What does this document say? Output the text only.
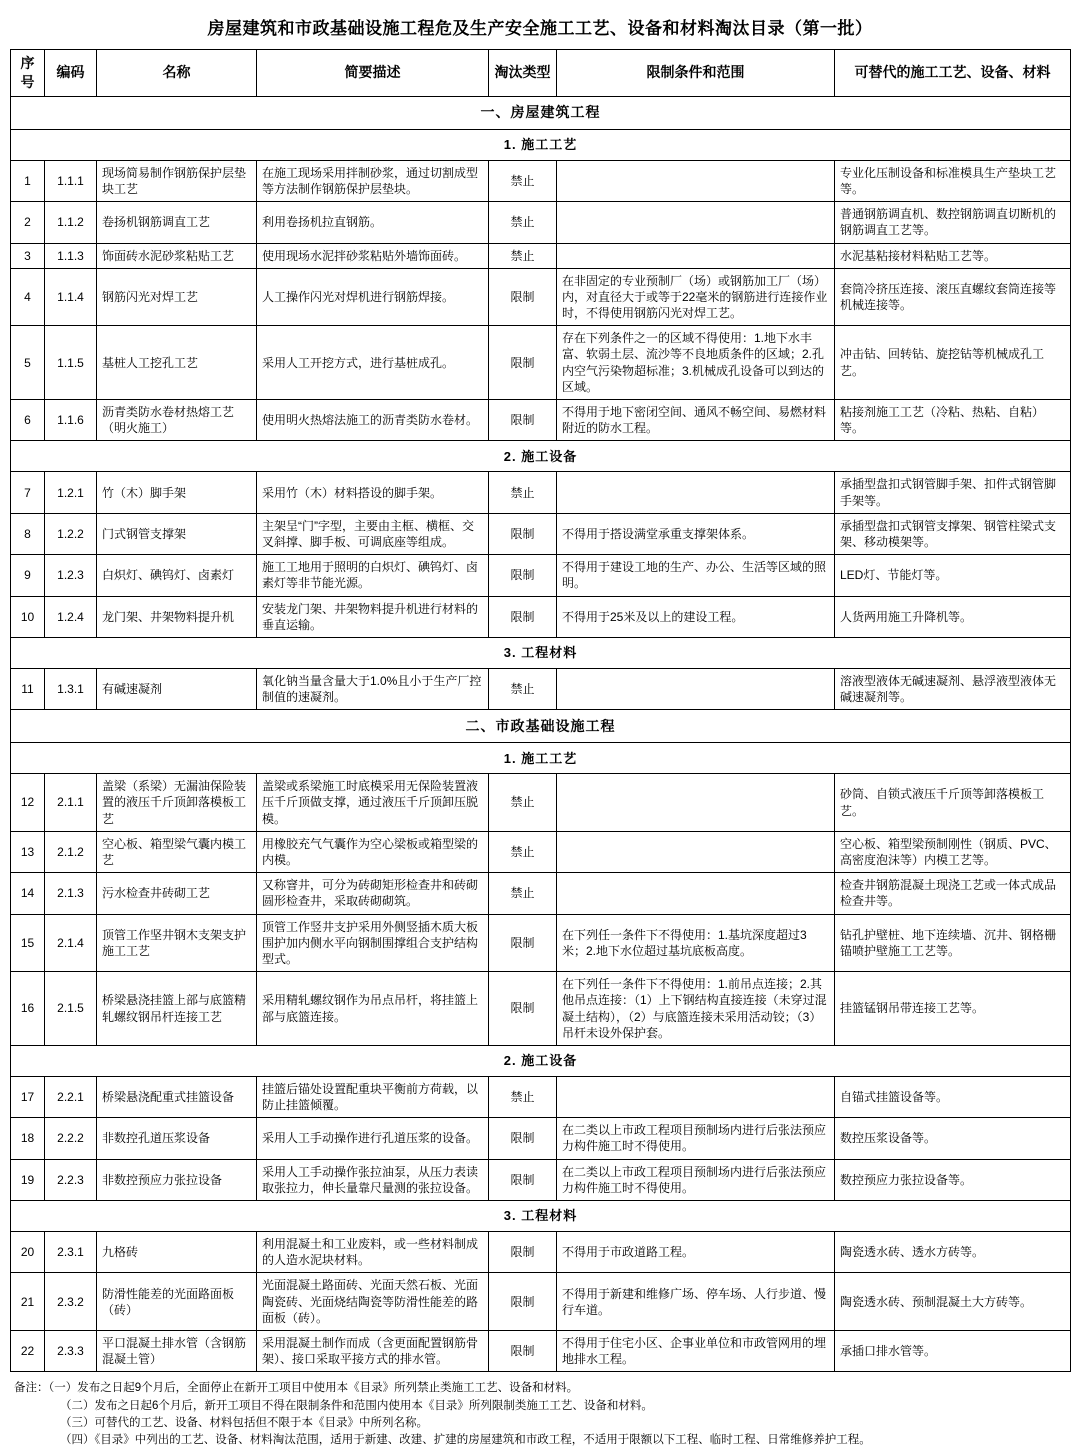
房屋建筑和市政基础设施工程危及生产安全施工工艺、设备和材料淘汰目录（第一批）
序号	编码	名称	简要描述	淘汰类型	限制条件和范围	可替代的施工工艺、设备、材料
一、房屋建筑工程						
1. 施工工艺						
1	1.1.1	现场简易制作钢筋保护层垫块工艺	在施工现场采用拌制砂浆，通过切割成型等方法制作钢筋保护层垫块。	禁止		专业化压制设备和标准模具生产垫块工艺等。
2	1.1.2	卷扬机钢筋调直工艺	利用卷扬机拉直钢筋。	禁止		普通钢筋调直机、数控钢筋调直切断机的钢筋调直工艺等。
3	1.1.3	饰面砖水泥砂浆粘贴工艺	使用现场水泥拌砂浆粘贴外墙饰面砖。	禁止		水泥基粘接材料粘贴工艺等。
4	1.1.4	钢筋闪光对焊工艺	人工操作闪光对焊机进行钢筋焊接。	限制	在非固定的专业预制厂（场）或钢筋加工厂（场）内，对直径大于或等于22毫米的钢筋进行连接作业时，不得使用钢筋闪光对焊工艺。	套筒冷挤压连接、滚压直螺纹套筒连接等机械连接等。
5	1.1.5	基桩人工挖孔工艺	采用人工开挖方式，进行基桩成孔。	限制	存在下列条件之一的区域不得使用：1.地下水丰富、软弱土层、流沙等不良地质条件的区域；2.孔内空气污染物超标准；3.机械成孔设备可以到达的区域。	冲击钻、回转钻、旋挖钻等机械成孔工艺。
6	1.1.6	沥青类防水卷材热熔工艺（明火施工）	使用明火热熔法施工的沥青类防水卷材。	限制	不得用于地下密闭空间、通风不畅空间、易燃材料附近的防水工程。	粘接剂施工工艺（冷粘、热粘、自粘）等。
2. 施工设备						
7	1.2.1	竹（木）脚手架	采用竹（木）材料搭设的脚手架。	禁止		承插型盘扣式钢管脚手架、扣件式钢管脚手架等。
8	1.2.2	门式钢管支撑架	主架呈“门”字型，主要由主框、横框、交叉斜撑、脚手板、可调底座等组成。	限制	不得用于搭设满堂承重支撑架体系。	承插型盘扣式钢管支撑架、钢管柱梁式支架、移动模架等。
9	1.2.3	白炽灯、碘钨灯、卤素灯	施工工地用于照明的白炽灯、碘钨灯、卤素灯等非节能光源。	限制	不得用于建设工地的生产、办公、生活等区域的照明。	LED灯、节能灯等。
10	1.2.4	龙门架、井架物料提升机	安装龙门架、井架物料提升机进行材料的垂直运输。	限制	不得用于25米及以上的建设工程。	人货两用施工升降机等。
3. 工程材料						
11	1.3.1	有碱速凝剂	氧化钠当量含量大于1.0%且小于生产厂控制值的速凝剂。	禁止		溶液型液体无碱速凝剂、悬浮液型液体无碱速凝剂等。
二、市政基础设施工程						
1. 施工工艺						
12	2.1.1	盖梁（系梁）无漏油保险装置的液压千斤顶卸落模板工艺	盖梁或系梁施工时底模采用无保险装置液压千斤顶做支撑，通过液压千斤顶卸压脱模。	禁止		砂筒、自锁式液压千斤顶等卸落模板工艺。
13	2.1.2	空心板、箱型梁气囊内模工艺	用橡胶充气气囊作为空心梁板或箱型梁的内模。	禁止		空心板、箱型梁预制刚性（钢质、PVC、高密度泡沫等）内模工艺等。
14	2.1.3	污水检查井砖砌工艺	又称窨井，可分为砖砌矩形检查井和砖砌圆形检查井，采取砖砌砌筑。	禁止		检查井钢筋混凝土现浇工艺或一体式成品检查井等。
15	2.1.4	顶管工作坚井钢木支架支护施工工艺	顶管工作竖井支护采用外侧竖插木质大板围护加内侧水平向钢制围撑组合支护结构型式。	限制	在下列任一条件下不得使用：1.基坑深度超过3米；2.地下水位超过基坑底板高度。	钻孔护壁桩、地下连续墙、沉井、钢格栅锚喷护壁施工工艺等。
16	2.1.5	桥梁悬浇挂篮上部与底篮精轧螺纹钢吊杆连接工艺	采用精轧螺纹钢作为吊点吊杆，将挂篮上部与底篮连接。	限制	在下列任一条件下不得使用：1.前吊点连接；2.其他吊点连接：（1）上下钢结构直接连接（未穿过混凝土结构），（2）与底篮连接未采用活动铰；（3）吊杆未设外保护套。	挂篮锰钢吊带连接工艺等。
2. 施工设备						
17	2.2.1	桥梁悬浇配重式挂篮设备	挂篮后锚处设置配重块平衡前方荷载，以防止挂篮倾覆。	禁止		自锚式挂篮设备等。
18	2.2.2	非数控孔道压浆设备	采用人工手动操作进行孔道压浆的设备。	限制	在二类以上市政工程项目预制场内进行后张法预应力构件施工时不得使用。	数控压浆设备等。
19	2.2.3	非数控预应力张拉设备	采用人工手动操作张拉油泵，从压力表读取张拉力，伸长量靠尺量测的张拉设备。	限制	在二类以上市政工程项目预制场内进行后张法预应力构件施工时不得使用。	数控预应力张拉设备等。
3. 工程材料						
20	2.3.1	九格砖	利用混凝土和工业废料，或一些材料制成的人造水泥块材料。	限制	不得用于市政道路工程。	陶瓷透水砖、透水方砖等。
21	2.3.2	防滑性能差的光面路面板（砖）	光面混凝土路面砖、光面天然石板、光面陶瓷砖、光面烧结陶瓷等防滑性能差的路面板（砖）。	限制	不得用于新建和维修广场、停车场、人行步道、慢行车道。	陶瓷透水砖、预制混凝土大方砖等。
22	2.3.3	平口混凝土排水管（含钢筋混凝土管）	采用混凝土制作而成（含更面配置钢筋骨架）、接口采取平接方式的排水管。	限制	不得用于住宅小区、企事业单位和市政管网用的埋地排水工程。	承插口排水管等。
备注：（一）发布之日起9个月后，全面停止在新开工项目中使用本《目录》所列禁止类施工工艺、设备和材料。
（二）发布之日起6个月后，新开工项目不得在限制条件和范围内使用本《目录》所列限制类施工工艺、设备和材料。
（三）可替代的工艺、设备、材料包括但不限于本《目录》中所列名称。
（四）《目录》中列出的工艺、设备、材料淘汰范围，适用于新建、改建、扩建的房屋建筑和市政工程，不适用于限额以下工程、临时工程、日常维修养护工程。
